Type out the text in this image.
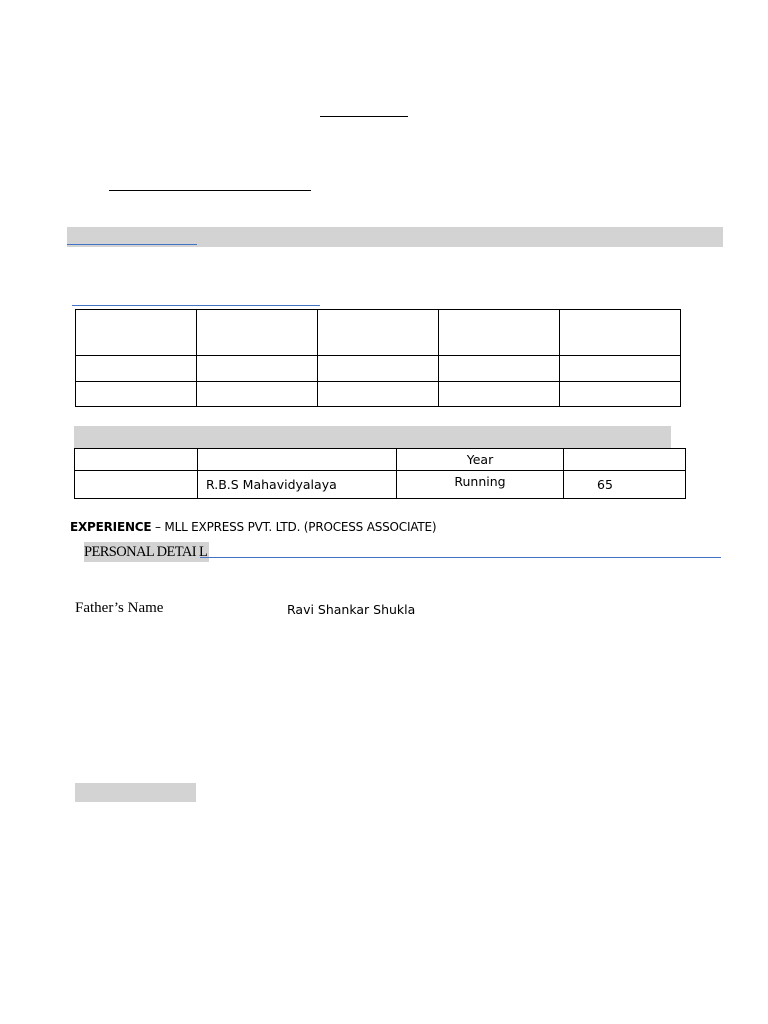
		Year	
	R.B.S Mahavidyalaya	Running	65
EXPERIENCE – MLL EXPRESS PVT. LTD. (PROCESS ASSOCIATE)
PERSONAL DETAI L
Father’s Name	Ravi Shankar Shukla
